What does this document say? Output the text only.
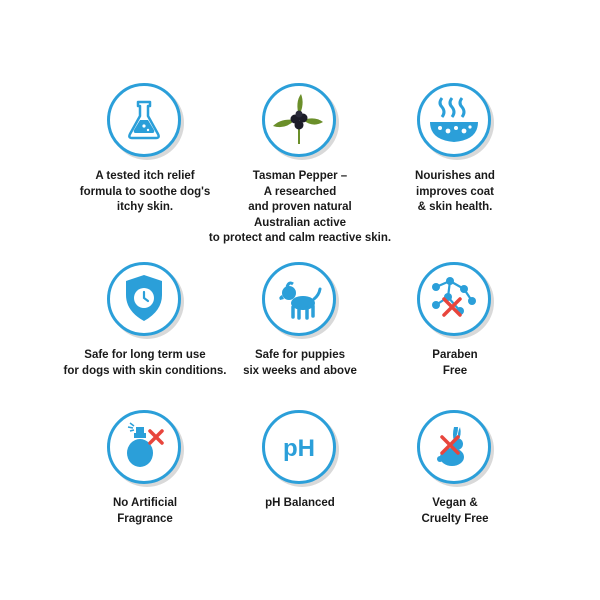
A tested itch relief
formula to soothe dog's
itchy skin.
Tasman Pepper –
A researched
and proven natural
Australian active
to protect and calm reactive skin.
Nourishes and
improves coat
& skin health.
Safe for long term use
for dogs with skin conditions.
Safe for puppies
six weeks and above
Paraben
Free
No Artificial
Fragrance
pH
pH Balanced	Vegan &
Cruelty Free
